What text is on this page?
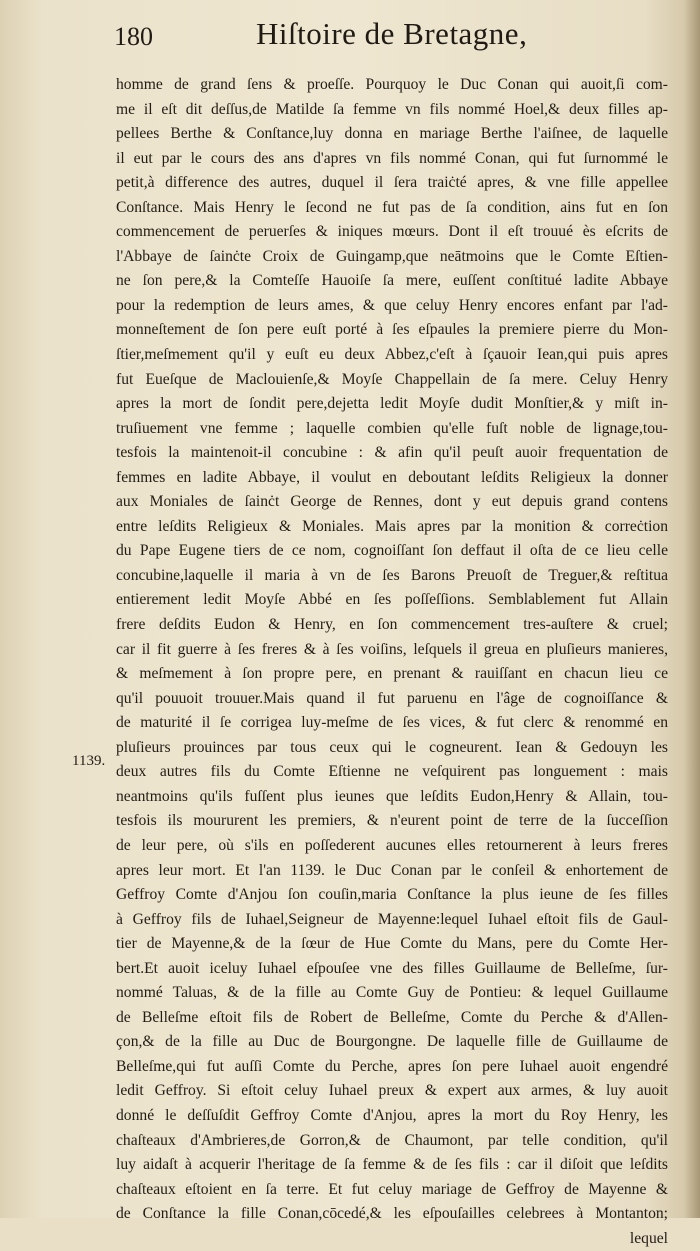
180	Hiſtoire de Bretagne,
1139.
homme de grand ſens & proeſſe. Pourquoy le Duc Conan qui auoit,ſi com-
me il eſt dit deſſus,de Matilde ſa femme vn fils nommé Hoel,& deux filles ap-
pellees Berthe & Conſtance,luy donna en mariage Berthe l'aiſnee, de laquelle
il eut par le cours des ans d'apres vn fils nommé Conan, qui fut ſurnommé le
petit,à difference des autres, duquel il ſera traiċté apres, & vne fille appellee
Conſtance. Mais Henry le ſecond ne fut pas de ſa condition, ains fut en ſon
commencement de peruerſes & iniques mœurs. Dont il eſt trouué ès eſcrits de
l'Abbaye de ſainċte Croix de Guingamp,que neātmoins que le Comte Eſtien-
ne ſon pere,& la Comteſſe Hauoiſe ſa mere, euſſent conſtitué ladite Abbaye
pour la redemption de leurs ames, & que celuy Henry encores enfant par l'ad-
monneſtement de ſon pere euſt porté à ſes eſpaules la premiere pierre du Mon-
ſtier,meſmement qu'il y euſt eu deux Abbez,c'eſt à ſçauoir Iean,qui puis apres
fut Eueſque de Maclouienſe,& Moyſe Chappellain de ſa mere. Celuy Henry
apres la mort de ſondit pere,dejetta ledit Moyſe dudit Monſtier,& y miſt in-
truſiuement vne femme ; laquelle combien qu'elle fuſt noble de lignage,tou-
tesfois la maintenoit-il concubine : & afin qu'il peuſt auoir frequentation de
femmes en ladite Abbaye, il voulut en deboutant leſdits Religieux la donner
aux Moniales de ſainċt George de Rennes, dont y eut depuis grand contens
entre leſdits Religieux & Moniales. Mais apres par la monition & correċtion
du Pape Eugene tiers de ce nom, cognoiſſant ſon deffaut il oſta de ce lieu celle
concubine,laquelle il maria à vn de ſes Barons Preuoſt de Treguer,& reſtitua
entierement ledit Moyſe Abbé en ſes poſſeſſions. Semblablement fut Allain
frere deſdits Eudon & Henry, en ſon commencement tres-auſtere & cruel;
car il fit guerre à ſes freres & à ſes voiſins, leſquels il greua en pluſieurs manieres,
& meſmement à ſon propre pere, en prenant & rauiſſant en chacun lieu ce
qu'il pouuoit trouuer.Mais quand il fut paruenu en l'âge de cognoiſſance &
de maturité il ſe corrigea luy-meſme de ſes vices, & fut clerc & renommé en
pluſieurs prouinces par tous ceux qui le cogneurent. Iean & Gedouyn les
deux autres fils du Comte Eſtienne ne veſquirent pas longuement : mais
neantmoins qu'ils fuſſent plus ieunes que leſdits Eudon,Henry & Allain, tou-
tesfois ils moururent les premiers, & n'eurent point de terre de la ſucceſſion
de leur pere, où s'ils en poſſederent aucunes elles retournerent à leurs freres
apres leur mort. Et l'an 1139. le Duc Conan par le conſeil & enhortement de
Geffroy Comte d'Anjou ſon couſin,maria Conſtance la plus ieune de ſes filles
à Geffroy fils de Iuhael,Seigneur de Mayenne:lequel Iuhael eſtoit fils de Gaul-
tier de Mayenne,& de la ſœur de Hue Comte du Mans, pere du Comte Her-
bert.Et auoit iceluy Iuhael eſpouſee vne des filles Guillaume de Belleſme, ſur-
nommé Taluas, & de la fille au Comte Guy de Pontieu: & lequel Guillaume
de Belleſme eſtoit fils de Robert de Belleſme, Comte du Perche & d'Allen-
çon,& de la fille au Duc de Bourgongne. De laquelle fille de Guillaume de
Belleſme,qui fut auſſi Comte du Perche, apres ſon pere Iuhael auoit engendré
ledit Geffroy. Si eſtoit celuy Iuhael preux & expert aux armes, & luy auoit
donné le deſſuſdit Geffroy Comte d'Anjou, apres la mort du Roy Henry, les
chaſteaux d'Ambrieres,de Gorron,& de Chaumont, par telle condition, qu'il
luy aidaſt à acquerir l'heritage de ſa femme & de ſes fils : car il diſoit que leſdits
chaſteaux eſtoient en ſa terre. Et fut celuy mariage de Geffroy de Mayenne &
de Conſtance la fille Conan,cōcedé,& les eſpouſailles celebrees à Montanton;
lequel
